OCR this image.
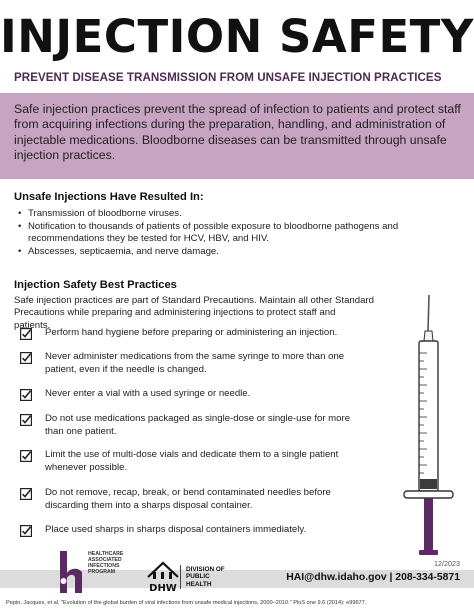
INJECTION SAFETY
PREVENT DISEASE TRANSMISSION FROM UNSAFE INJECTION PRACTICES
Safe injection practices prevent the spread of infection to patients and protect staff from acquiring infections during the preparation, handling, and administration of injectable medications. Bloodborne diseases can be transmitted through unsafe injection practices.
Unsafe Injections Have Resulted In:
• Transmission of bloodborne viruses.
• Notification to thousands of patients of possible exposure to bloodborne pathogens and recommendations they be tested for HCV, HBV, and HIV.
• Abscesses, septicaemia, and nerve damage.
Injection Safety Best Practices
Safe injection practices are part of Standard Precautions. Maintain all other Standard Precautions while preparing and administering injections to protect staff and patients.
Perform hand hygiene before preparing or administering an injection.
Never administer medications from the same syringe to more than one patient, even if the needle is changed.
Never enter a vial with a used syringe or needle.
Do not use medications packaged as single-dose or single-use for more than one patient.
Limit the use of multi-dose vials and dedicate them to a single patient whenever possible.
Do not remove, recap, break, or bend contaminated needles before discarding them into a sharps disposal container.
Place used sharps in sharps disposal containers immediately.
12/2023
HEALTHCARE
ASSOCIATED
INFECTIONS
PROGRAM
DHW
DIVISION OF
PUBLIC
HEALTH
HAI@dhw.idaho.gov | 208-334-5871
Pepin, Jacques, et al. "Evolution of the global burden of viral infections from unsafe medical injections, 2000–2010." PloS one 9.6 (2014): e99677.
